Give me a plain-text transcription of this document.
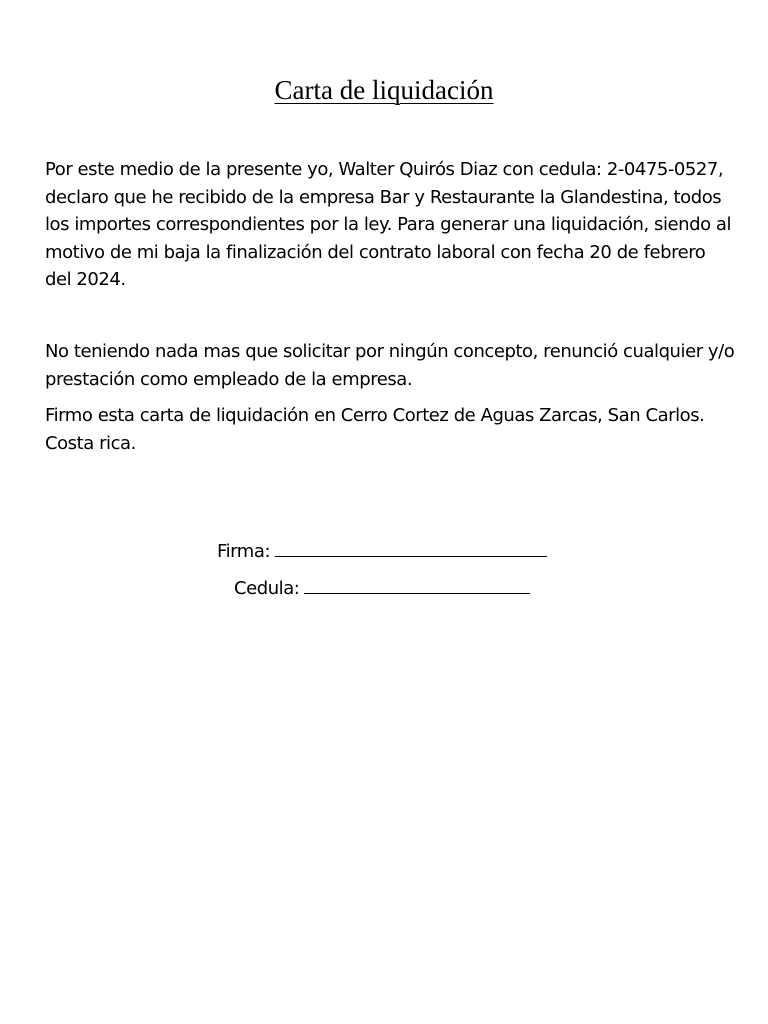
Carta de liquidación

Por este medio de la presente yo, Walter Quirós Diaz con cedula: 2-0475-0527, declaro que he recibido de la empresa Bar y Restaurante la Glandestina, todos los importes correspondientes por la ley. Para generar una liquidación, siendo al motivo de mi baja la finalización del contrato laboral con fecha 20 de febrero del 2024.

No teniendo nada mas que solicitar por ningún concepto, renunció cualquier y/o prestación como empleado de la empresa.

Firmo esta carta de liquidación en Cerro Cortez de Aguas Zarcas, San Carlos. Costa rica.

Firma:
Cedula:
